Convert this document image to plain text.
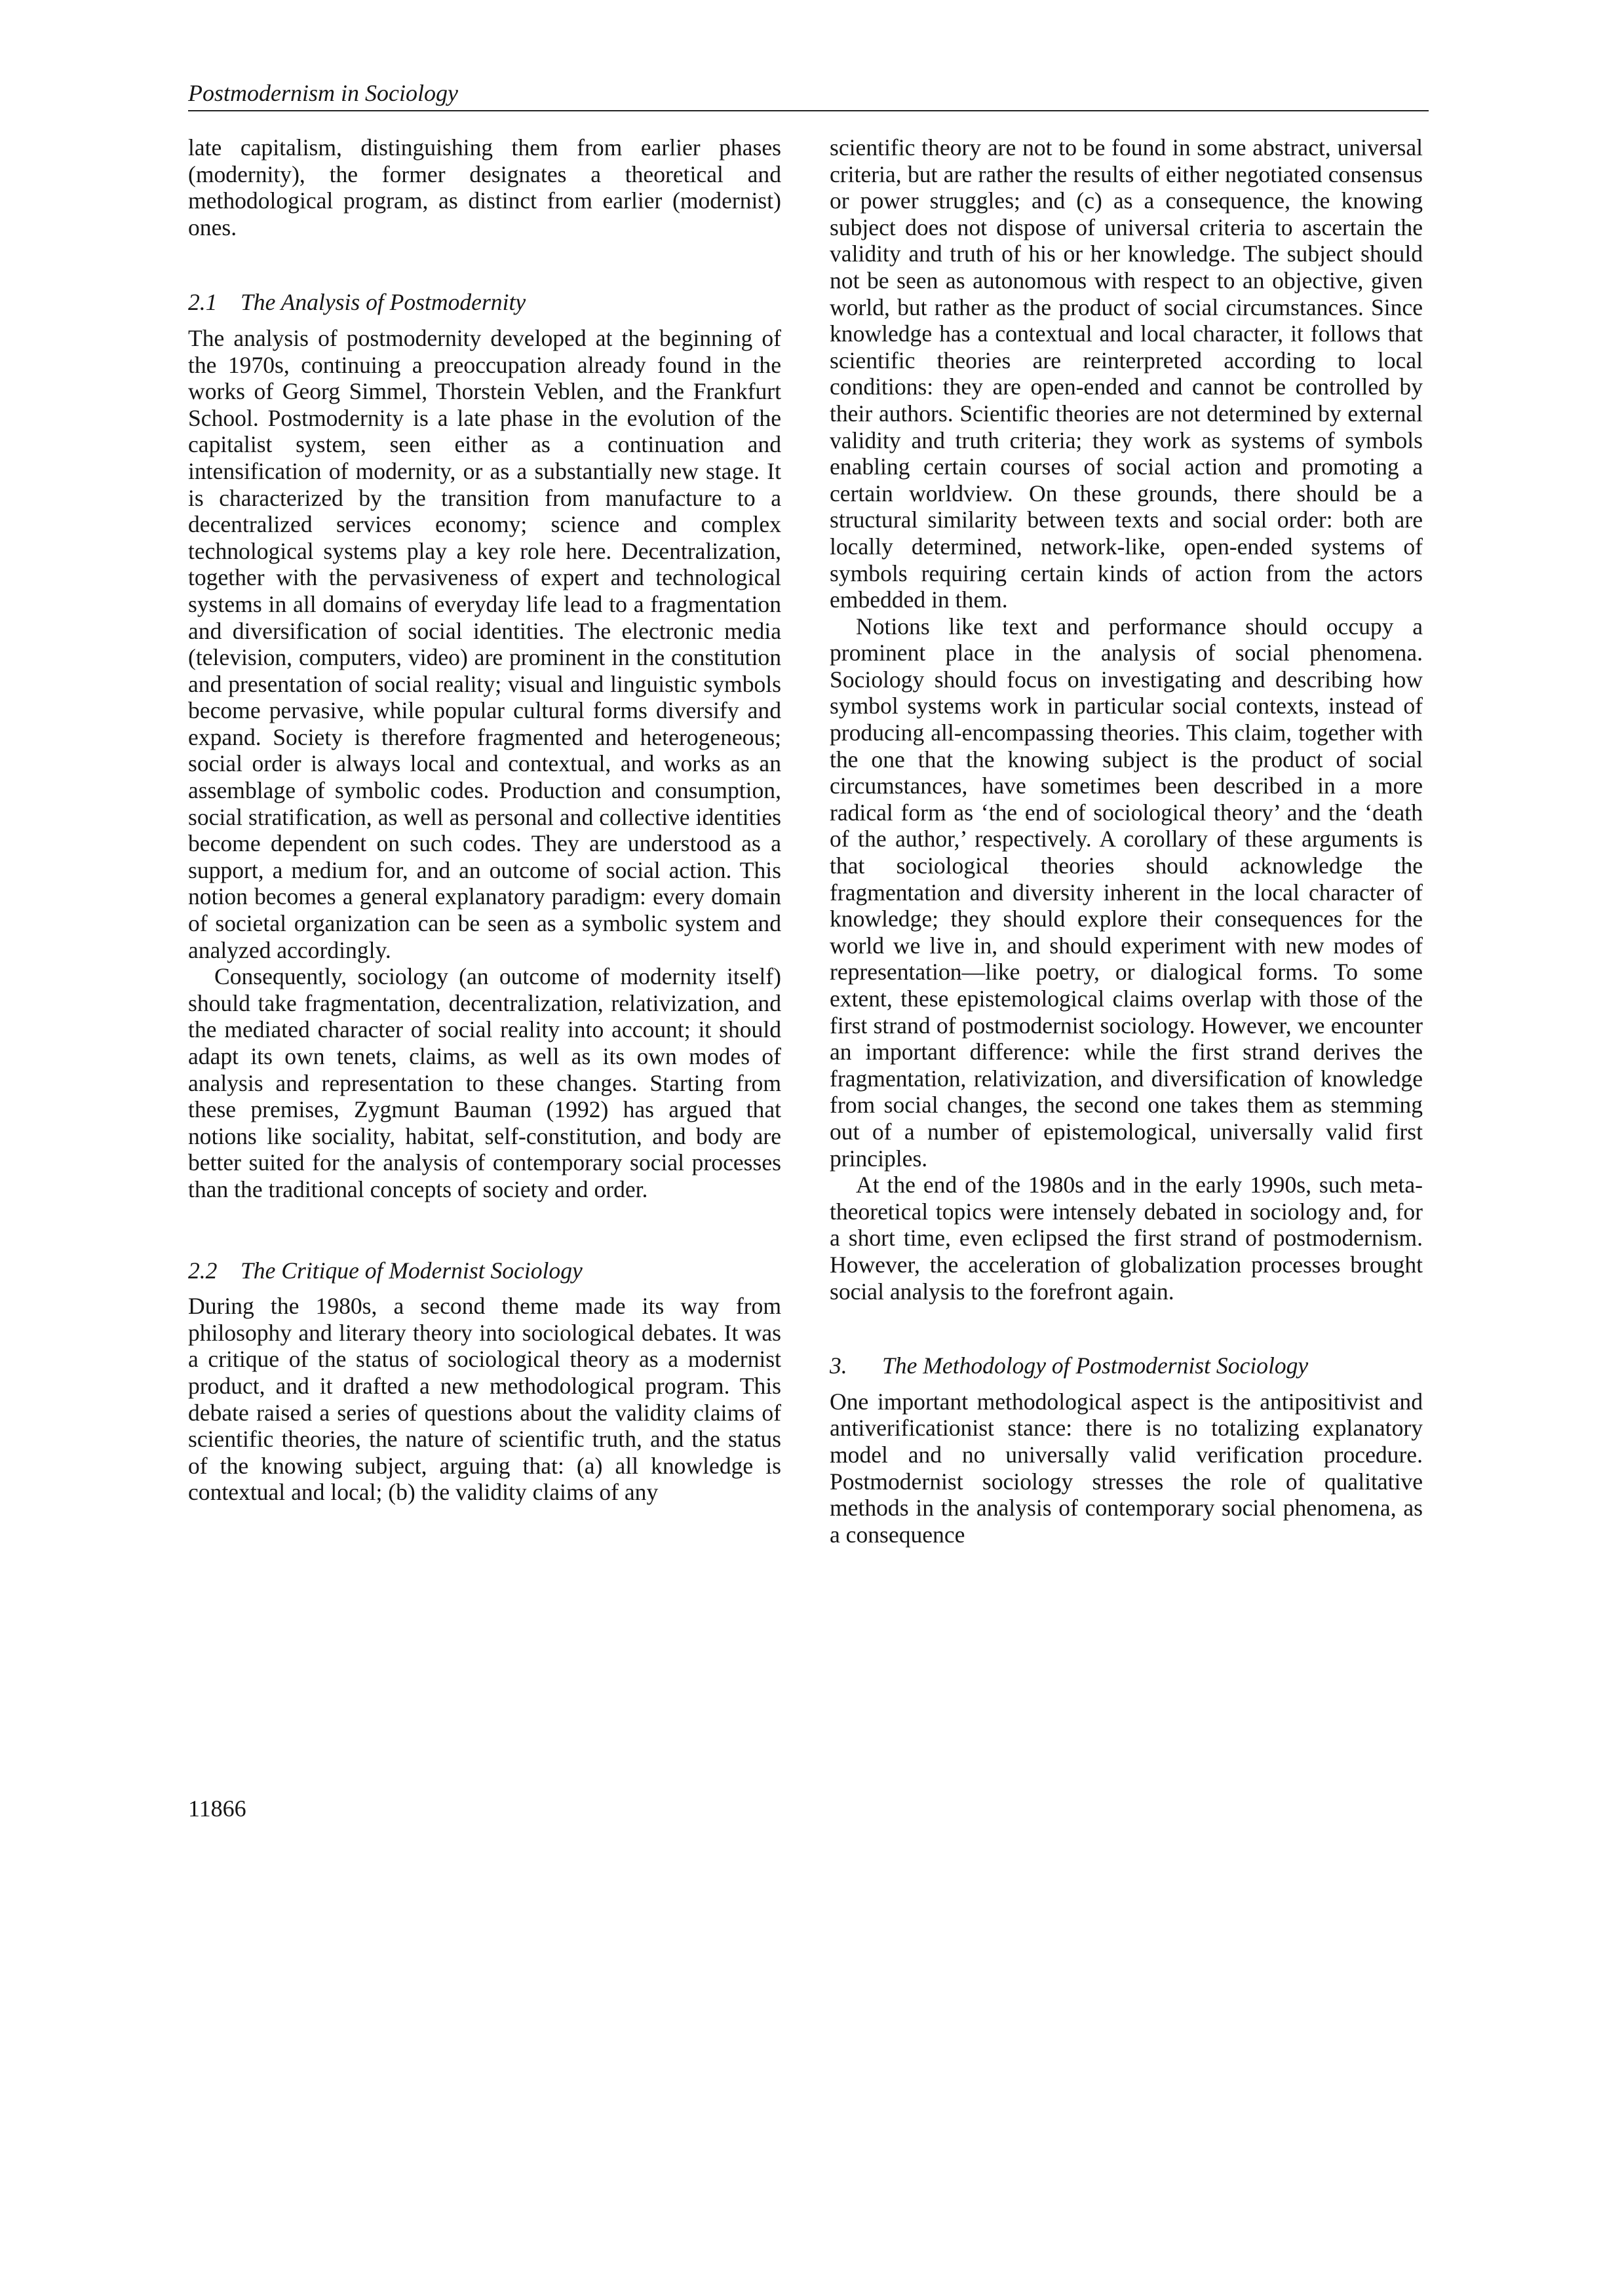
Postmodernism in Sociology

late capitalism, distinguishing them from earlier phases (modernity), the former designates a theoretical and methodological program, as distinct from earlier (modernist) ones.

2.1 The Analysis of Postmodernity

The analysis of postmodernity developed at the beginning of the 1970s, continuing a preoccupation already found in the works of Georg Simmel, Thorstein Veblen, and the Frankfurt School. Postmodernity is a late phase in the evolution of the capitalist system, seen either as a continuation and intensification of modernity, or as a substantially new stage. It is characterized by the transition from manufacture to a decentralized services economy; science and complex technological systems play a key role here. Decentralization, together with the pervasiveness of expert and technological systems in all domains of everyday life lead to a fragmentation and diversification of social identities. The electronic media (television, computers, video) are prominent in the constitution and presentation of social reality; visual and linguistic symbols become pervasive, while popular cultural forms diversify and expand. Society is therefore fragmented and heterogeneous; social order is always local and contextual, and works as an assemblage of symbolic codes. Production and consumption, social stratification, as well as personal and collective identities become dependent on such codes. They are understood as a support, a medium for, and an outcome of social action. This notion becomes a general explanatory paradigm: every domain of societal organization can be seen as a symbolic system and analyzed accordingly.

Consequently, sociology (an outcome of modernity itself) should take fragmentation, decentralization, relativization, and the mediated character of social reality into account; it should adapt its own tenets, claims, as well as its own modes of analysis and representation to these changes. Starting from these premises, Zygmunt Bauman (1992) has argued that notions like sociality, habitat, self-constitution, and body are better suited for the analysis of contemporary social processes than the traditional concepts of society and order.

2.2 The Critique of Modernist Sociology

During the 1980s, a second theme made its way from philosophy and literary theory into sociological debates. It was a critique of the status of sociological theory as a modernist product, and it drafted a new methodological program. This debate raised a series of questions about the validity claims of scientific theories, the nature of scientific truth, and the status of the knowing subject, arguing that: (a) all knowledge is contextual and local; (b) the validity claims of any

scientific theory are not to be found in some abstract, universal criteria, but are rather the results of either negotiated consensus or power struggles; and (c) as a consequence, the knowing subject does not dispose of universal criteria to ascertain the validity and truth of his or her knowledge. The subject should not be seen as autonomous with respect to an objective, given world, but rather as the product of social circumstances. Since knowledge has a contextual and local character, it follows that scientific theories are reinterpreted according to local conditions: they are open-ended and cannot be controlled by their authors. Scientific theories are not determined by external validity and truth criteria; they work as systems of symbols enabling certain courses of social action and promoting a certain worldview. On these grounds, there should be a structural similarity between texts and social order: both are locally determined, network-like, open-ended systems of symbols requiring certain kinds of action from the actors embedded in them.

Notions like text and performance should occupy a prominent place in the analysis of social phenomena. Sociology should focus on investigating and describing how symbol systems work in particular social contexts, instead of producing all-encompassing theories. This claim, together with the one that the knowing subject is the product of social circumstances, have sometimes been described in a more radical form as ‘the end of sociological theory’ and the ‘death of the author,’ respectively. A corollary of these arguments is that sociological theories should acknowledge the fragmentation and diversity inherent in the local character of knowledge; they should explore their consequences for the world we live in, and should experiment with new modes of representation—like poetry, or dialogical forms. To some extent, these epistemological claims overlap with those of the first strand of postmodernist sociology. However, we encounter an important difference: while the first strand derives the fragmentation, relativization, and diversification of knowledge from social changes, the second one takes them as stemming out of a number of epistemological, universally valid first principles.

At the end of the 1980s and in the early 1990s, such meta-theoretical topics were intensely debated in sociology and, for a short time, even eclipsed the first strand of postmodernism. However, the acceleration of globalization processes brought social analysis to the forefront again.

3. The Methodology of Postmodernist Sociology

One important methodological aspect is the antipositivist and antiverificationist stance: there is no totalizing explanatory model and no universally valid verification procedure. Postmodernist sociology stresses the role of qualitative methods in the analysis of contemporary social phenomena, as a consequence

11866
